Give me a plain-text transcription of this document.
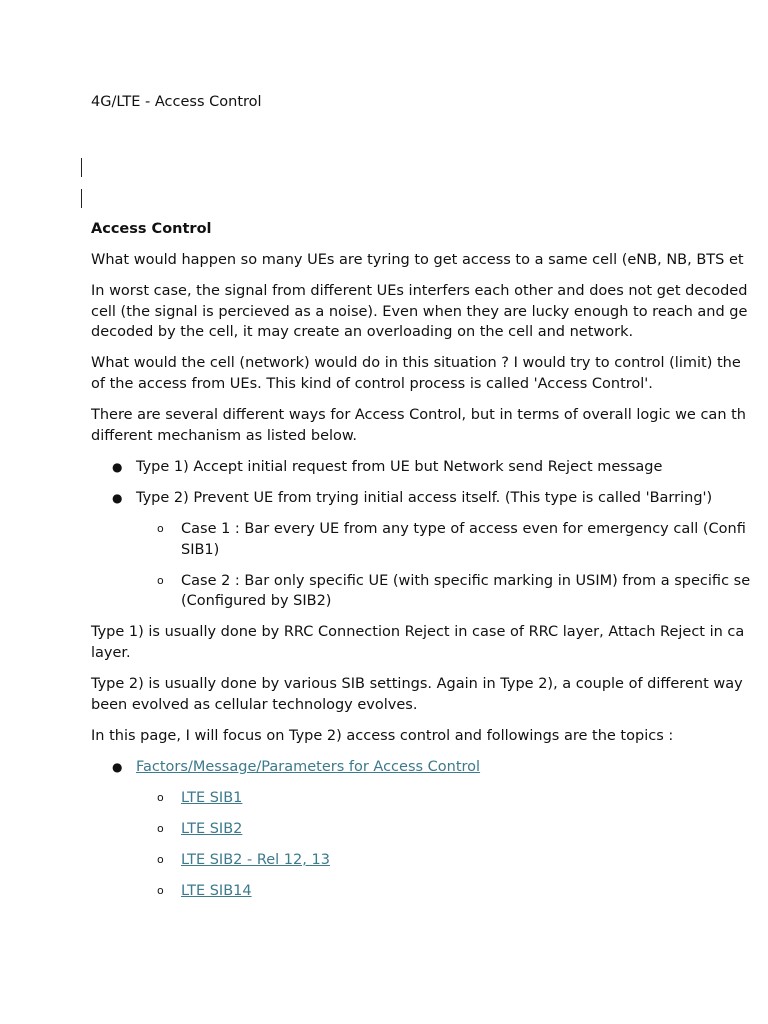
4G/LTE - Access Control
Access Control

What would happen so many UEs are tyring to get access to a same cell (eNB, NB, BTS et

In worst case, the signal from different UEs interfers each other and does not get decoded
cell (the signal is percieved as a noise). Even when they are lucky enough to reach and ge
decoded by the cell, it may create an overloading on the cell and network.

What would the cell (network) would do in this situation ? I would try to control (limit) the
of the access from UEs. This kind of control process is called 'Access Control'.

There are several different ways for Access Control, but in terms of overall logic we can th
different mechanism as listed below.

● Type 1) Accept initial request from UE but Network send Reject message
● Type 2) Prevent UE from trying initial access itself. (This type is called 'Barring')
o Case 1 : Bar every UE from any type of access even for emergency call (Confi
SIB1)
o Case 2 : Bar only specific UE (with specific marking in USIM) from a specific se
(Configured by SIB2)

Type 1) is usually done by RRC Connection Reject in case of RRC layer, Attach Reject in ca
layer.

Type 2) is usually done by various SIB settings. Again in Type 2), a couple of different way
been evolved as cellular technology evolves.

In this page, I will focus on Type 2) access control and followings are the topics :

● Factors/Message/Parameters for Access Control
o LTE SIB1
o LTE SIB2
o LTE SIB2 - Rel 12, 13
o LTE SIB14
